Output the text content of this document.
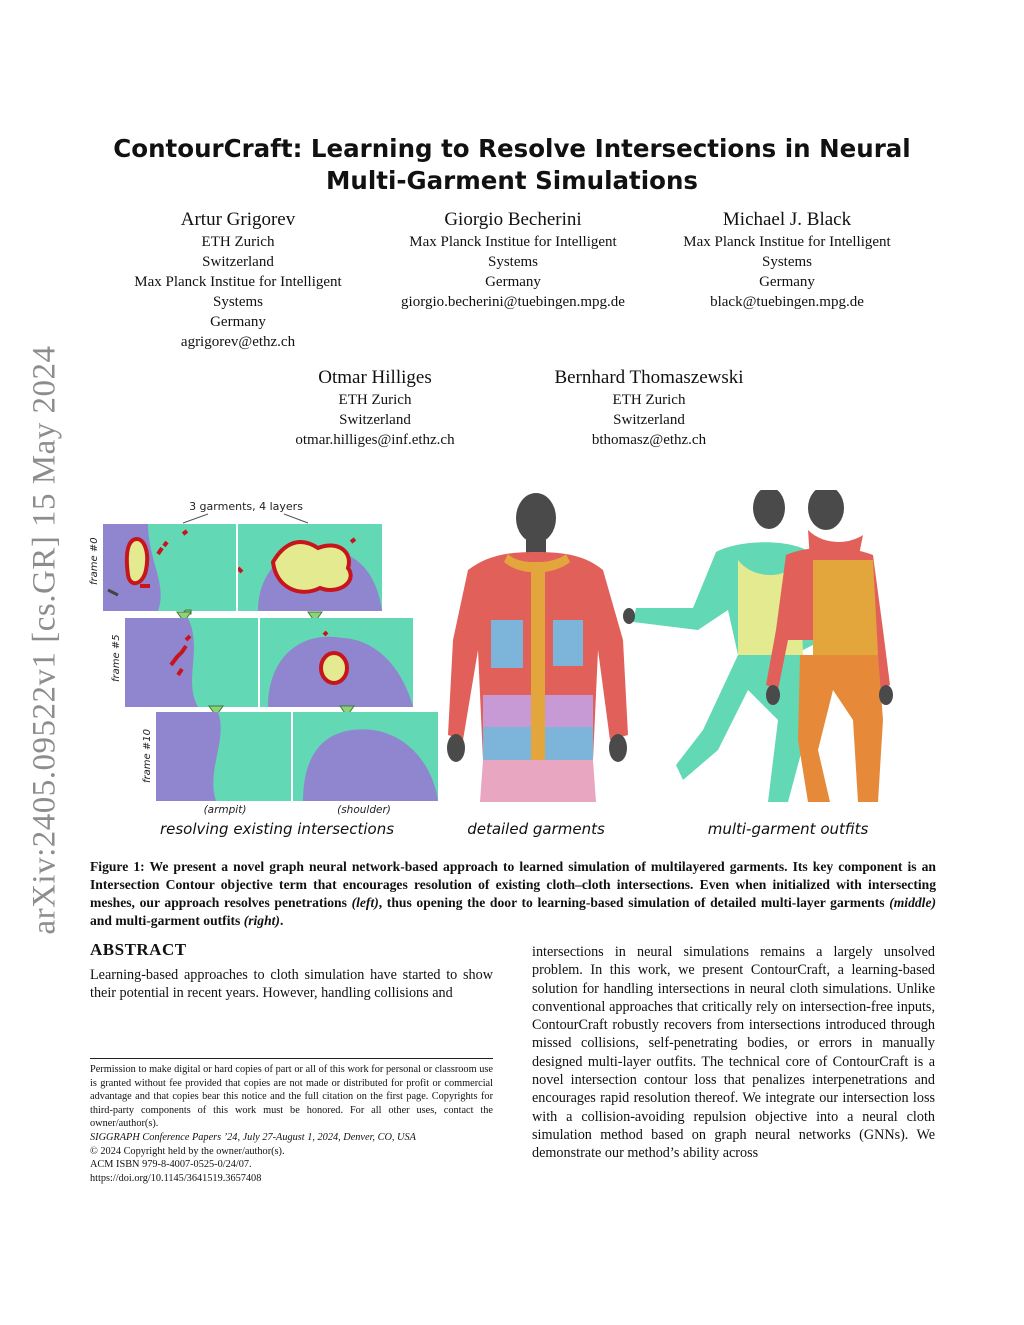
arXiv:2405.09522v1 [cs.GR] 15 May 2024
ContourCraft: Learning to Resolve Intersections in Neural
Multi-Garment Simulations
Artur Grigorev
ETH Zurich
Switzerland
Max Planck Institue for Intelligent
Systems
Germany
agrigorev@ethz.ch
Giorgio Becherini
Max Planck Institue for Intelligent
Systems
Germany
giorgio.becherini@tuebingen.mpg.de
Michael J. Black
Max Planck Institue for Intelligent
Systems
Germany
black@tuebingen.mpg.de
Otmar Hilliges
ETH Zurich
Switzerland
otmar.hilliges@inf.ethz.ch
Bernhard Thomaszewski
ETH Zurich
Switzerland
bthomasz@ethz.ch
3 garments, 4 layers
frame #0
frame #5
frame #10
(armpit)	(shoulder)
resolving existing intersections	detailed garments	multi-garment outfits
Figure 1: We present a novel graph neural network-based approach to learned simulation of multilayered garments. Its key component is an Intersection Contour objective term that encourages resolution of existing cloth–cloth intersections. Even when initialized with intersecting meshes, our approach resolves penetrations (left), thus opening the door to learning-based simulation of detailed multi-layer garments (middle) and multi-garment outfits (right).
ABSTRACT
Learning-based approaches to cloth simulation have started to show their potential in recent years. However, handling collisions and
intersections in neural simulations remains a largely unsolved problem. In this work, we present ContourCraft, a learning-based solution for handling intersections in neural cloth simulations. Unlike conventional approaches that critically rely on intersection-free inputs, ContourCraft robustly recovers from intersections introduced through missed collisions, self-penetrating bodies, or errors in manually designed multi-layer outfits. The technical core of ContourCraft is a novel intersection contour loss that penalizes interpenetrations and encourages rapid resolution thereof. We integrate our intersection loss with a collision-avoiding repulsion objective into a neural cloth simulation method based on graph neural networks (GNNs). We demonstrate our method’s ability across
Permission to make digital or hard copies of part or all of this work for personal or classroom use is granted without fee provided that copies are not made or distributed for profit or commercial advantage and that copies bear this notice and the full citation on the first page. Copyrights for third-party components of this work must be honored. For all other uses, contact the owner/author(s).
SIGGRAPH Conference Papers ’24, July 27-August 1, 2024, Denver, CO, USA
© 2024 Copyright held by the owner/author(s).
ACM ISBN 979-8-4007-0525-0/24/07.
https://doi.org/10.1145/3641519.3657408
